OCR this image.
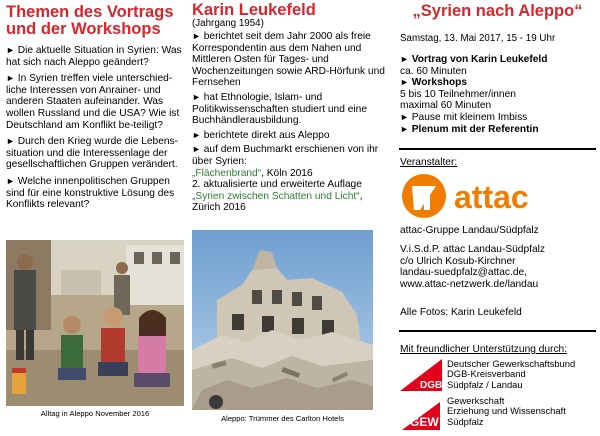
Themen des Vortrags
und der Workshops
► Die aktuelle Situation in Syrien: Was hat sich nach Aleppo geändert?
► In Syrien treffen viele unterschied-liche Interessen von Anrainer- und anderen Staaten aufeinander. Was wollen Russland und die USA? Wie ist Deutschland am Konflikt be-teiligt?
► Durch den Krieg wurde die Lebens-situation und die Interessenlage der gesellschaftlichen Gruppen verändert.
► Welche innenpolitischen Gruppen sind für eine konstruktive Lösung des Konflikts relevant?
Alltag in Aleppo November 2016
Karin Leukefeld
(Jahrgang 1954)
► berichtet seit dem Jahr 2000 als freie Korrespondentin aus dem Nahen und Mittleren Osten für Tages- und Wochenzeitungen sowie ARD-Hörfunk und Fernsehen
► hat Ethnologie, Islam- und Politikwissenschaften studiert und eine Buchhändlerausbildung.
► berichtete direkt aus Aleppo
► auf dem Buchmarkt erschienen von ihr über Syrien:
„Flächenbrand“, Köln 2016
2. aktualisierte und erweiterte Auflage
„Syrien zwischen Schatten und Licht“, Zürich 2016
Aleppo: Trümmer des Carlton Hotels
„Syrien nach Aleppo“
Samstag, 13. Mai 2017, 15 - 19 Uhr
► Vortrag von Karin Leukefeld
ca. 60 Minuten
► Workshops
5 bis 10 Teilnehmer/innen
maximal 60 Minuten
► Pause mit kleinem Imbiss
► Plenum mit der Referentin
Veranstalter:
attac
attac-Gruppe Landau/Südpfalz
V.i.S.d.P. attac Landau-Südpfalz
c/o Ulrich Kosub-Kirchner
landau-suedpfalz@attac.de,
www.attac-netzwerk.de/landau
Alle Fotos: Karin Leukefeld
Mit freundlicher Unterstützung durch:
DGB
Deutscher Gewerkschaftsbund
DGB-Kreisverband
Südpfalz / Landau
GEW
Gewerkschaft
Erziehung und Wissenschaft
Südpfalz
